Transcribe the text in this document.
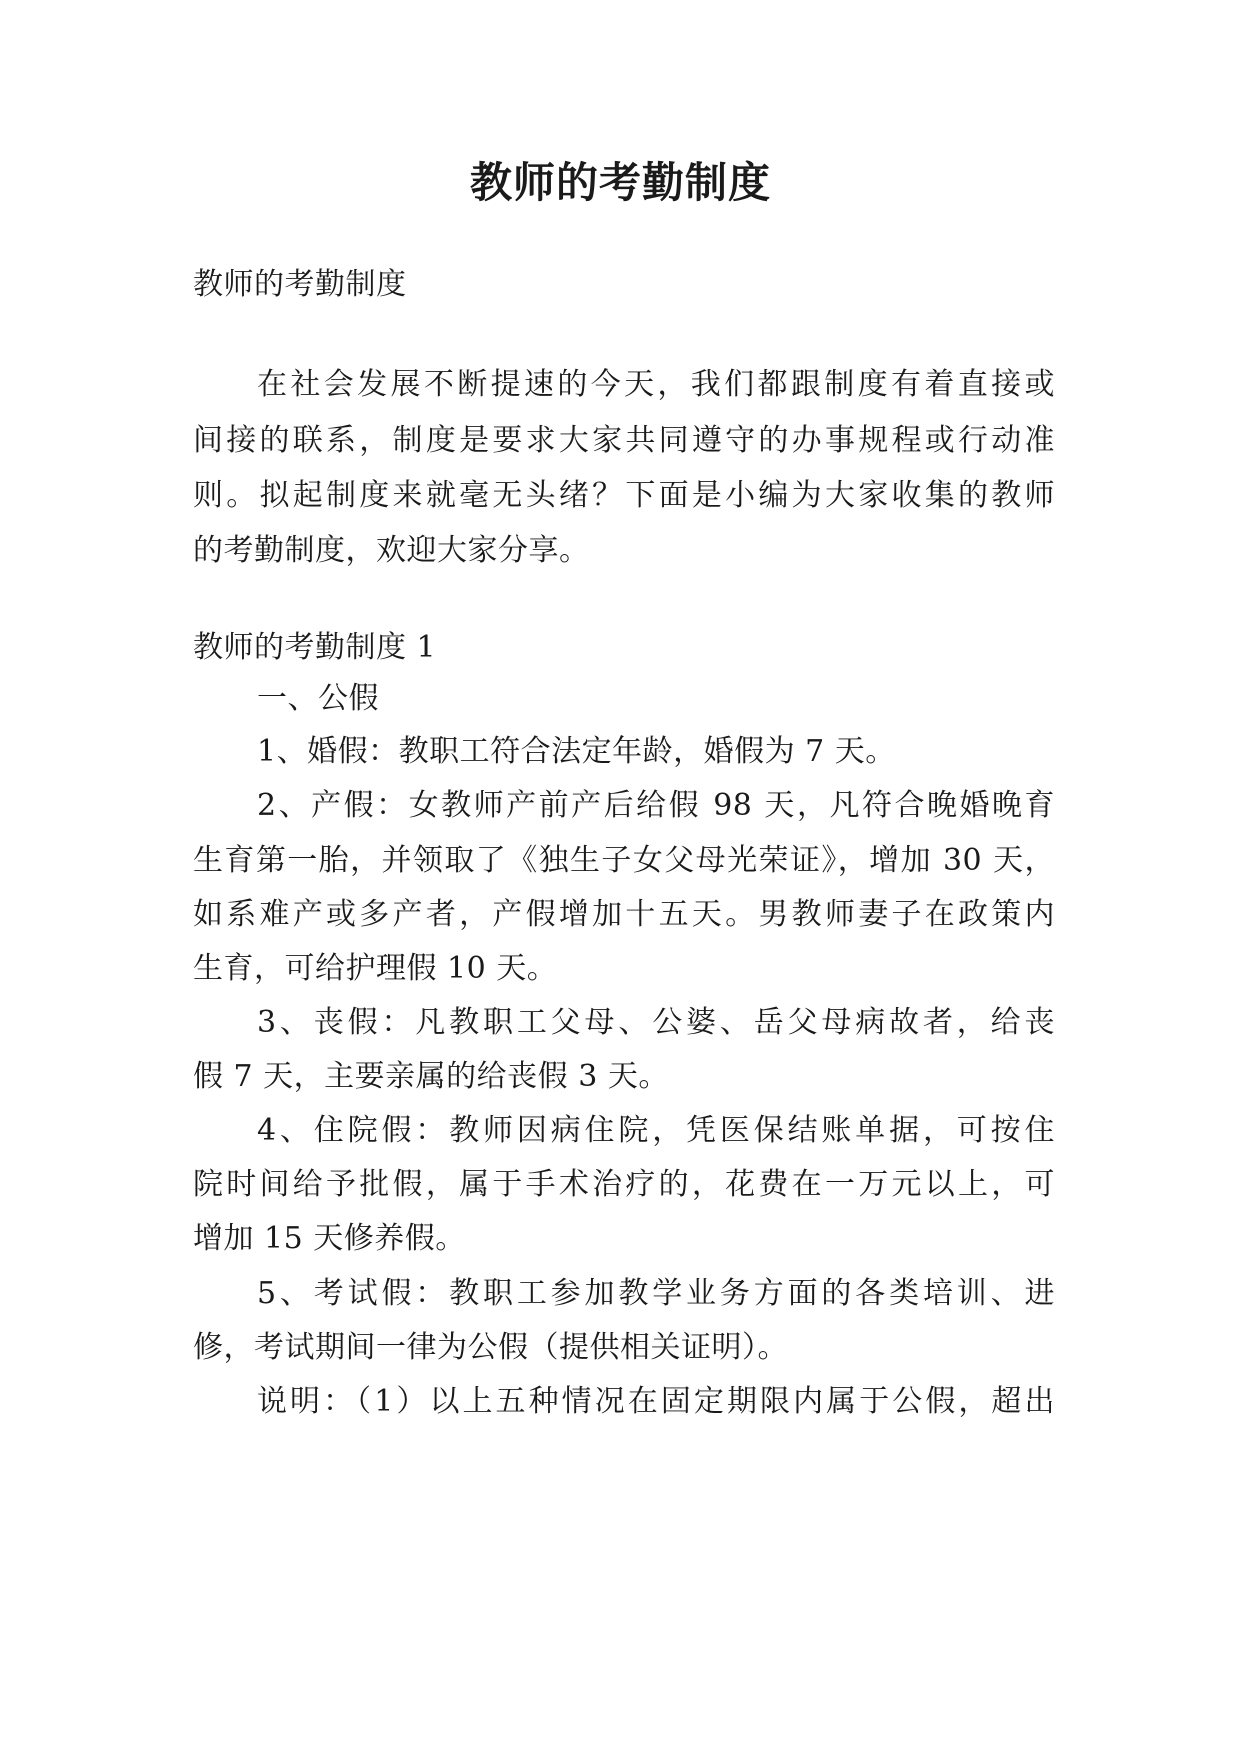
教师的考勤制度

教师的考勤制度

在社会发展不断提速的今天，我们都跟制度有着直接或

间接的联系，制度是要求大家共同遵守的办事规程或行动准

则。拟起制度来就毫无头绪？下面是小编为大家收集的教师

的考勤制度，欢迎大家分享。

教师的考勤制度 1

一、公假

1、婚假：教职工符合法定年龄，婚假为 7 天。

2、产假：女教师产前产后给假 98 天，凡符合晚婚晚育

生育第一胎，并领取了《独生子女父母光荣证》，增加 30 天，

如系难产或多产者，产假增加十五天。男教师妻子在政策内

生育，可给护理假 10 天。

3、丧假：凡教职工父母、公婆、岳父母病故者，给丧

假 7 天，主要亲属的给丧假 3 天。

4、住院假：教师因病住院，凭医保结账单据，可按住

院时间给予批假，属于手术治疗的，花费在一万元以上，可

增加 15 天修养假。

5、考试假：教职工参加教学业务方面的各类培训、进

修，考试期间一律为公假（提供相关证明）。

说明：（1）以上五种情况在固定期限内属于公假，超出
